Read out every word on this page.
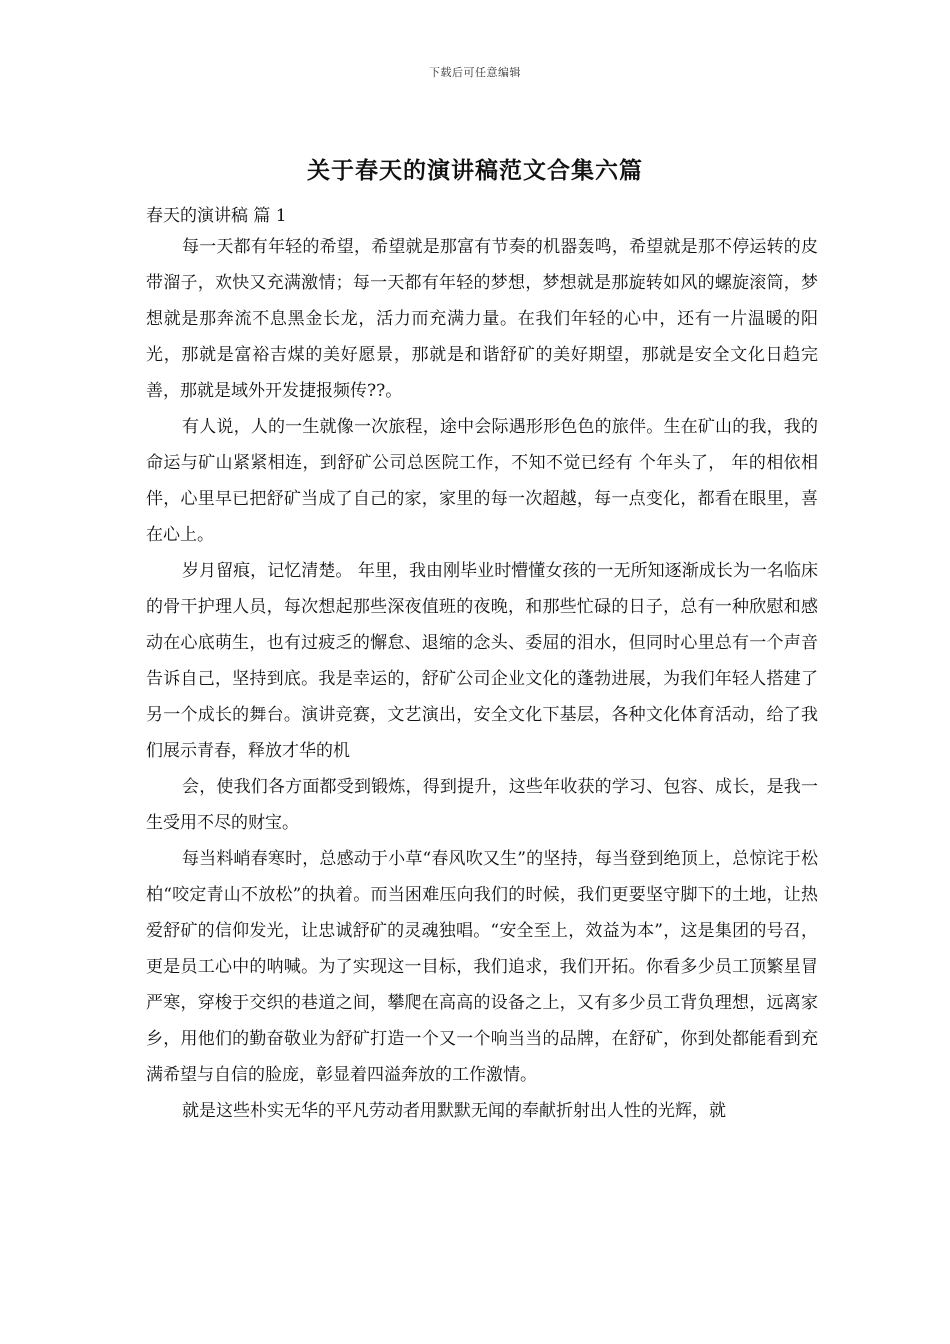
下载后可任意编辑
关于春天的演讲稿范文合集六篇

春天的演讲稿 篇 1

每一天都有年轻的希望，希望就是那富有节奏的机器轰鸣，希望就是那不停运转的皮带溜子，欢快又充满激情；每一天都有年轻的梦想，梦想就是那旋转如风的螺旋滚筒，梦想就是那奔流不息黑金长龙，活力而充满力量。在我们年轻的心中，还有一片温暖的阳光，那就是富裕吉煤的美好愿景，那就是和谐舒矿的美好期望，那就是安全文化日趋完善，那就是域外开发捷报频传??。

有人说，人的一生就像一次旅程，途中会际遇形形色色的旅伴。生在矿山的我，我的命运与矿山紧紧相连，到舒矿公司总医院工作，不知不觉已经有 个年头了， 年的相依相伴，心里早已把舒矿当成了自己的家，家里的每一次超越，每一点变化，都看在眼里，喜在心上。

岁月留痕，记忆清楚。 年里，我由刚毕业时懵懂女孩的一无所知逐渐成长为一名临床的骨干护理人员，每次想起那些深夜值班的夜晚，和那些忙碌的日子，总有一种欣慰和感动在心底萌生，也有过疲乏的懈怠、退缩的念头、委屈的泪水，但同时心里总有一个声音告诉自己，坚持到底。我是幸运的，舒矿公司企业文化的蓬勃进展，为我们年轻人搭建了另一个成长的舞台。演讲竞赛，文艺演出，安全文化下基层，各种文化体育活动，给了我们展示青春，释放才华的机

会，使我们各方面都受到锻炼，得到提升，这些年收获的学习、包容、成长，是我一生受用不尽的财宝。

每当料峭春寒时，总感动于小草“春风吹又生”的坚持，每当登到绝顶上，总惊诧于松柏“咬定青山不放松”的执着。而当困难压向我们的时候，我们更要坚守脚下的土地，让热爱舒矿的信仰发光，让忠诚舒矿的灵魂独唱。“安全至上，效益为本”，这是集团的号召，更是员工心中的呐喊。为了实现这一目标，我们追求，我们开拓。你看多少员工顶繁星冒严寒，穿梭于交织的巷道之间，攀爬在高高的设备之上，又有多少员工背负理想，远离家乡，用他们的勤奋敬业为舒矿打造一个又一个响当当的品牌，在舒矿，你到处都能看到充满希望与自信的脸庞，彰显着四溢奔放的工作激情。

就是这些朴实无华的平凡劳动者用默默无闻的奉献折射出人性的光辉，就
